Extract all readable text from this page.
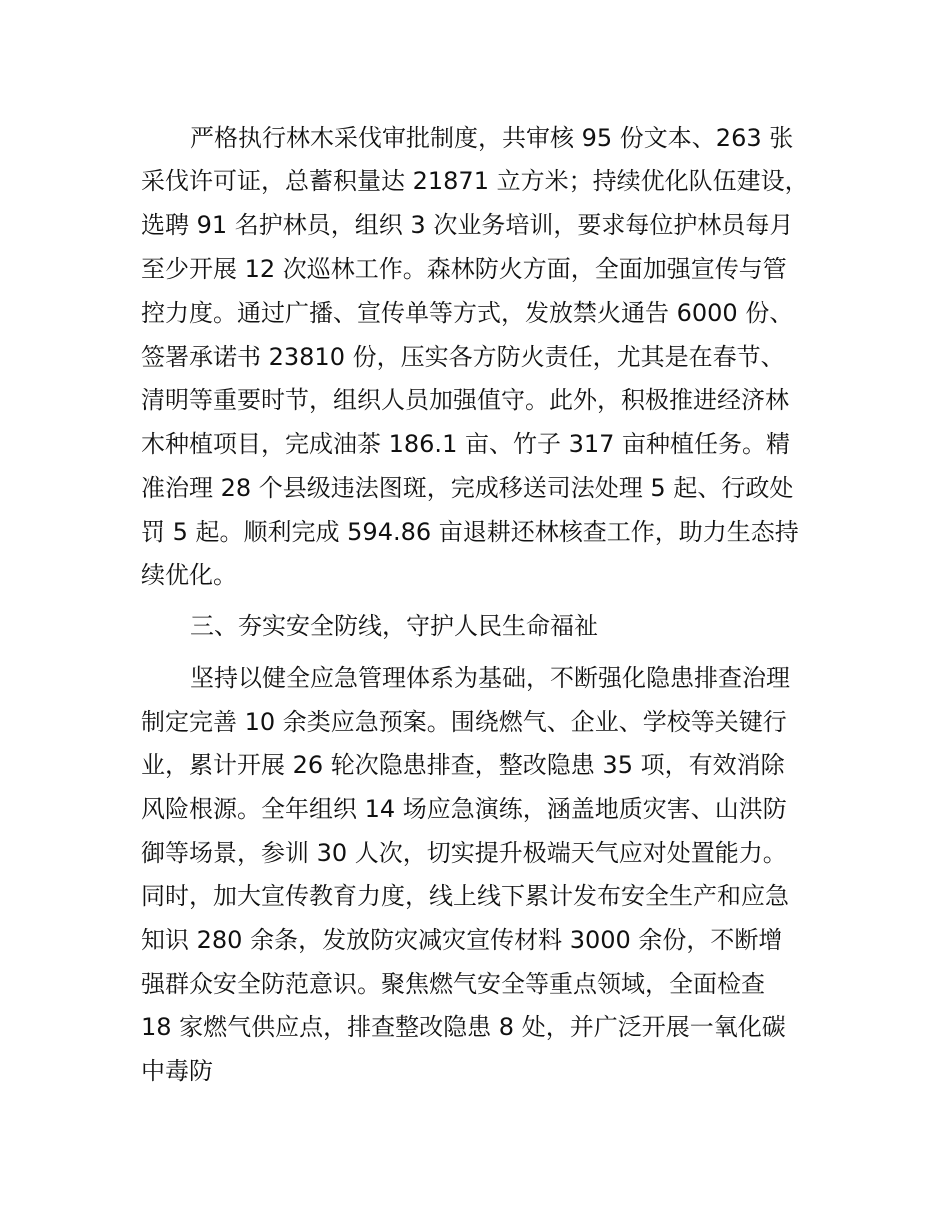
严格执行林木采伐审批制度，共审核 95 份文本、263 张
采伐许可证，总蓄积量达 21871 立方米；持续优化队伍建设，
选聘 91 名护林员，组织 3 次业务培训，要求每位护林员每月
至少开展 12 次巡林工作。森林防火方面，全面加强宣传与管
控力度。通过广播、宣传单等方式，发放禁火通告 6000 份、
签署承诺书 23810 份，压实各方防火责任，尤其是在春节、
清明等重要时节，组织人员加强值守。此外，积极推进经济林
木种植项目，完成油茶 186.1 亩、竹子 317 亩种植任务。精
准治理 28 个县级违法图斑，完成移送司法处理 5 起、行政处
罚 5 起。顺利完成 594.86 亩退耕还林核查工作，助力生态持
续优化。
三、夯实安全防线，守护人民生命福祉
坚持以健全应急管理体系为基础，不断强化隐患排查治理
制定完善 10 余类应急预案。围绕燃气、企业、学校等关键行
业，累计开展 26 轮次隐患排查，整改隐患 35 项，有效消除
风险根源。全年组织 14 场应急演练，涵盖地质灾害、山洪防
御等场景，参训 30 人次，切实提升极端天气应对处置能力。
同时，加大宣传教育力度，线上线下累计发布安全生产和应急
知识 280 余条，发放防灾减灾宣传材料 3000 余份，不断增
强群众安全防范意识。聚焦燃气安全等重点领域，全面检查
18 家燃气供应点，排查整改隐患 8 处，并广泛开展一氧化碳
中毒防
